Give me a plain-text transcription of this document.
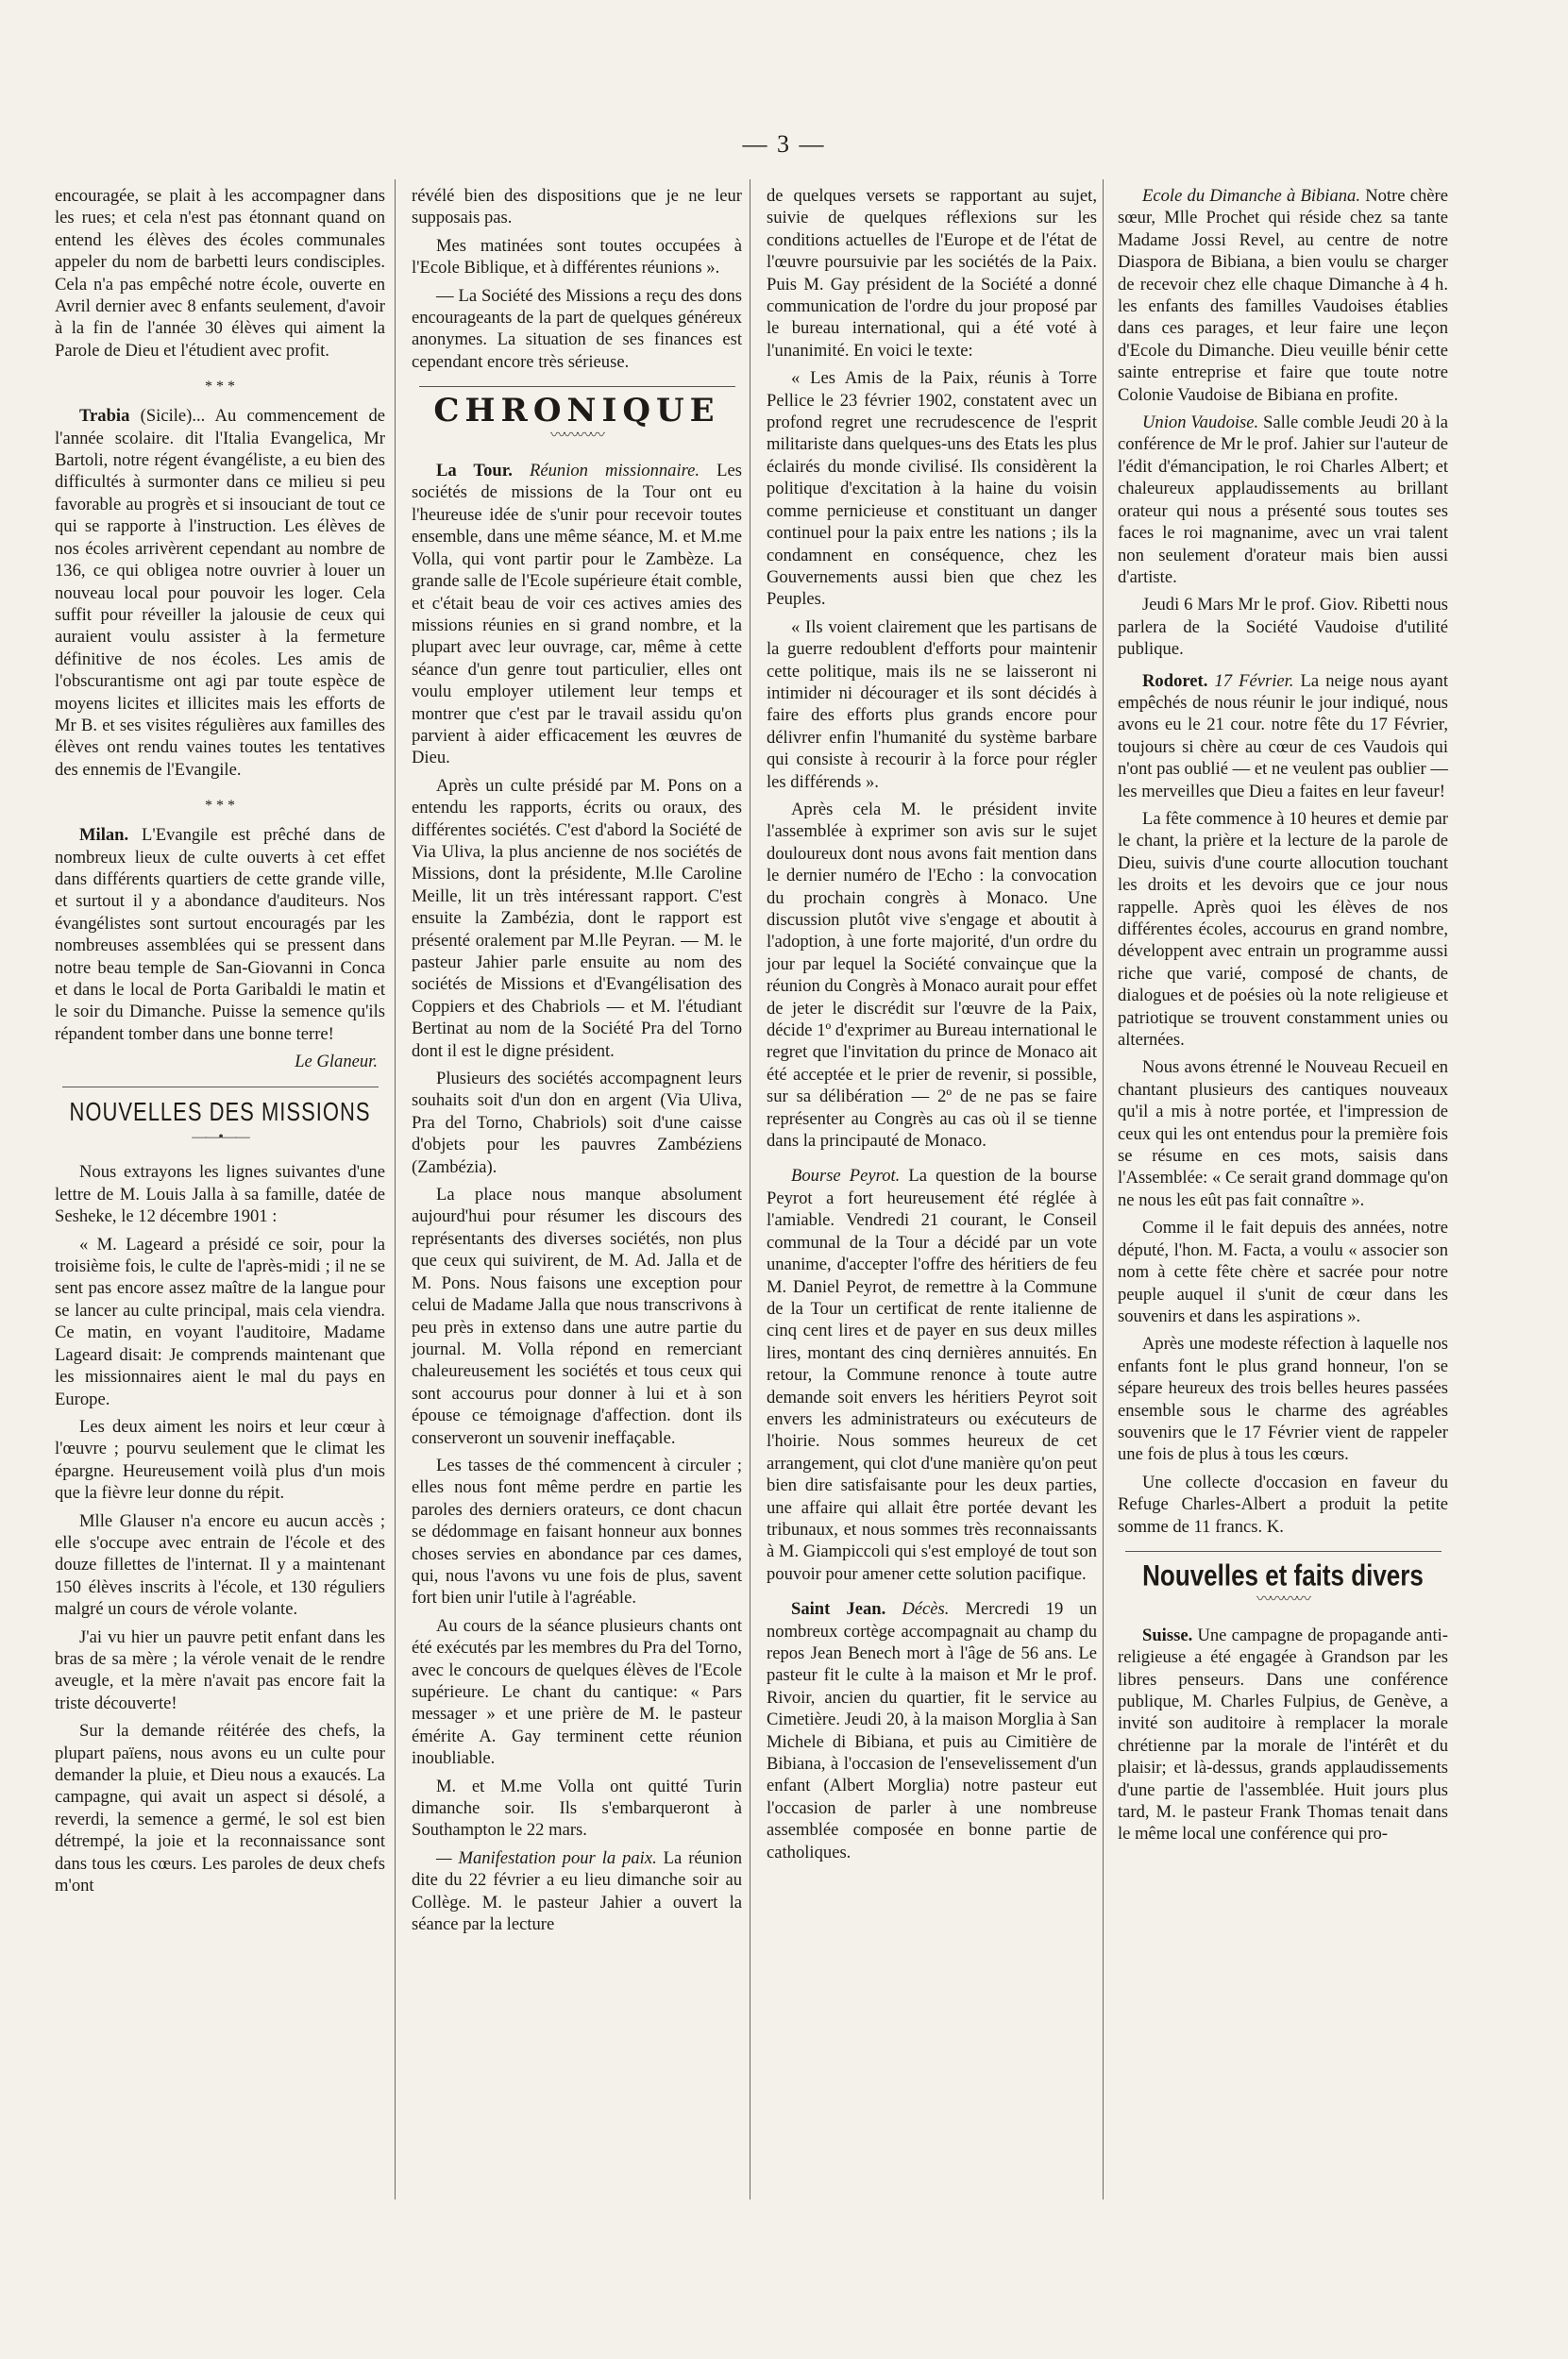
— 3 —

encouragée, se plait à les accompagner dans les rues; et cela n'est pas étonnant quand on entend les élèves des écoles communales appeler du nom de barbetti leurs condisciples. Cela n'a pas empêché notre école, ouverte en Avril dernier avec 8 enfants seulement, d'avoir à la fin de l'année 30 élèves qui aiment la Parole de Dieu et l'étudient avec profit.

* * *

Trabia (Sicile)... Au commencement de l'année scolaire. dit l'Italia Evangelica, Mr Bartoli, notre régent évangéliste, a eu bien des difficultés à surmonter dans ce milieu si peu favorable au progrès et si insouciant de tout ce qui se rapporte à l'instruction. Les élèves de nos écoles arrivèrent cependant au nombre de 136, ce qui obligea notre ouvrier à louer un nouveau local pour pouvoir les loger. Cela suffit pour réveiller la jalousie de ceux qui auraient voulu assister à la fermeture définitive de nos écoles. Les amis de l'obscurantisme ont agi par toute espèce de moyens licites et illicites mais les efforts de Mr B. et ses visites régulières aux familles des élèves ont rendu vaines toutes les tentatives des ennemis de l'Evangile.

* * *

Milan. L'Evangile est prêché dans de nombreux lieux de culte ouverts à cet effet dans différents quartiers de cette grande ville, et surtout il y a abondance d'auditeurs. Nos évangélistes sont surtout encouragés par les nombreuses assemblées qui se pressent dans notre beau temple de San-Giovanni in Conca et dans le local de Porta Garibaldi le matin et le soir du Dimanche. Puisse la semence qu'ils répandent tomber dans une bonne terre!

Le Glaneur.
NOUVELLES DES MISSIONS
——•——

Nous extrayons les lignes suivantes d'une lettre de M. Louis Jalla à sa famille, datée de Sesheke, le 12 décembre 1901 :

« M. Lageard a présidé ce soir, pour la troisième fois, le culte de l'après-midi ; il ne se sent pas encore assez maître de la langue pour se lancer au culte principal, mais cela viendra. Ce matin, en voyant l'auditoire, Madame Lageard disait: Je comprends maintenant que les missionnaires aient le mal du pays en Europe.

Les deux aiment les noirs et leur cœur à l'œuvre ; pourvu seulement que le climat les épargne. Heureusement voilà plus d'un mois que la fièvre leur donne du répit.

Mlle Glauser n'a encore eu aucun accès ; elle s'occupe avec entrain de l'école et des douze fillettes de l'internat. Il y a maintenant 150 élèves inscrits à l'école, et 130 réguliers malgré un cours de vérole volante.

J'ai vu hier un pauvre petit enfant dans les bras de sa mère ; la vérole venait de le rendre aveugle, et la mère n'avait pas encore fait la triste découverte!

Sur la demande réitérée des chefs, la plupart païens, nous avons eu un culte pour demander la pluie, et Dieu nous a exaucés. La campagne, qui avait un aspect si désolé, a reverdi, la semence a germé, le sol est bien détrempé, la joie et la reconnaissance sont dans tous les cœurs. Les paroles de deux chefs m'ont

révélé bien des dispositions que je ne leur supposais pas.

Mes matinées sont toutes occupées à l'Ecole Biblique, et à différentes réunions ».

— La Société des Missions a reçu des dons encourageants de la part de quelques généreux anonymes. La situation de ses finances est cependant encore très sérieuse.

CHRONIQUE
〰〰〰〰

La Tour. Réunion missionnaire. Les sociétés de missions de la Tour ont eu l'heureuse idée de s'unir pour recevoir toutes ensemble, dans une même séance, M. et M.me Volla, qui vont partir pour le Zambèze. La grande salle de l'Ecole supérieure était comble, et c'était beau de voir ces actives amies des missions réunies en si grand nombre, et la plupart avec leur ouvrage, car, même à cette séance d'un genre tout particulier, elles ont voulu employer utilement leur temps et montrer que c'est par le travail assidu qu'on parvient à aider efficacement les œuvres de Dieu.

Après un culte présidé par M. Pons on a entendu les rapports, écrits ou oraux, des différentes sociétés. C'est d'abord la Société de Via Uliva, la plus ancienne de nos sociétés de Missions, dont la présidente, M.lle Caroline Meille, lit un très intéressant rapport. C'est ensuite la Zambézia, dont le rapport est présenté oralement par M.lle Peyran. — M. le pasteur Jahier parle ensuite au nom des sociétés de Missions et d'Evangélisation des Coppiers et des Chabriols — et M. l'étudiant Bertinat au nom de la Société Pra del Torno dont il est le digne président.

Plusieurs des sociétés accompagnent leurs souhaits soit d'un don en argent (Via Uliva, Pra del Torno, Chabriols) soit d'une caisse d'objets pour les pauvres Zambéziens (Zambézia).

La place nous manque absolument aujourd'hui pour résumer les discours des représentants des diverses sociétés, non plus que ceux qui suivirent, de M. Ad. Jalla et de M. Pons. Nous faisons une exception pour celui de Madame Jalla que nous transcrivons à peu près in extenso dans une autre partie du journal. M. Volla répond en remerciant chaleureusement les sociétés et tous ceux qui sont accourus pour donner à lui et à son épouse ce témoignage d'affection. dont ils conserveront un souvenir ineffaçable.

Les tasses de thé commencent à circuler ; elles nous font même perdre en partie les paroles des derniers orateurs, ce dont chacun se dédommage en faisant honneur aux bonnes choses servies en abondance par ces dames, qui, nous l'avons vu une fois de plus, savent fort bien unir l'utile à l'agréable.

Au cours de la séance plusieurs chants ont été exécutés par les membres du Pra del Torno, avec le concours de quelques élèves de l'Ecole supérieure. Le chant du cantique: « Pars messager » et une prière de M. le pasteur émérite A. Gay terminent cette réunion inoubliable.

M. et M.me Volla ont quitté Turin dimanche soir. Ils s'embarqueront à Southampton le 22 mars.

— Manifestation pour la paix. La réunion dite du 22 février a eu lieu dimanche soir au Collège. M. le pasteur Jahier a ouvert la séance par la lecture

de quelques versets se rapportant au sujet, suivie de quelques réflexions sur les conditions actuelles de l'Europe et de l'état de l'œuvre poursuivie par les sociétés de la Paix. Puis M. Gay président de la Société a donné communication de l'ordre du jour proposé par le bureau international, qui a été voté à l'unanimité. En voici le texte:

« Les Amis de la Paix, réunis à Torre Pellice le 23 février 1902, constatent avec un profond regret une recrudescence de l'esprit militariste dans quelques-uns des Etats les plus éclairés du monde civilisé. Ils considèrent la politique d'excitation à la haine du voisin comme pernicieuse et constituant un danger continuel pour la paix entre les nations ; ils la condamnent en conséquence, chez les Gouvernements aussi bien que chez les Peuples.

« Ils voient clairement que les partisans de la guerre redoublent d'efforts pour maintenir cette politique, mais ils ne se laisseront ni intimider ni décourager et ils sont décidés à faire des efforts plus grands encore pour délivrer enfin l'humanité du système barbare qui consiste à recourir à la force pour régler les différends ».

Après cela M. le président invite l'assemblée à exprimer son avis sur le sujet douloureux dont nous avons fait mention dans le dernier numéro de l'Echo : la convocation du prochain congrès à Monaco. Une discussion plutôt vive s'engage et aboutit à l'adoption, à une forte majorité, d'un ordre du jour par lequel la Société convainçue que la réunion du Congrès à Monaco aurait pour effet de jeter le discrédit sur l'œuvre de la Paix, décide 1º d'exprimer au Bureau international le regret que l'invitation du prince de Monaco ait été acceptée et le prier de revenir, si possible, sur sa délibération — 2º de ne pas se faire représenter au Congrès au cas où il se tienne dans la principauté de Monaco.

Bourse Peyrot. La question de la bourse Peyrot a fort heureusement été réglée à l'amiable. Vendredi 21 courant, le Conseil communal de la Tour a décidé par un vote unanime, d'accepter l'offre des héritiers de feu M. Daniel Peyrot, de remettre à la Commune de la Tour un certificat de rente italienne de cinq cent lires et de payer en sus deux milles lires, montant des cinq dernières annuités. En retour, la Commune renonce à toute autre demande soit envers les héritiers Peyrot soit envers les administrateurs ou exécuteurs de l'hoirie. Nous sommes heureux de cet arrangement, qui clot d'une manière qu'on peut bien dire satisfaisante pour les deux parties, une affaire qui allait être portée devant les tribunaux, et nous sommes très reconnaissants à M. Giampiccoli qui s'est employé de tout son pouvoir pour amener cette solution pacifique.

Saint Jean. Décès. Mercredi 19 un nombreux cortège accompagnait au champ du repos Jean Benech mort à l'âge de 56 ans. Le pasteur fit le culte à la maison et Mr le prof. Rivoir, ancien du quartier, fit le service au Cimetière. Jeudi 20, à la maison Morglia à San Michele di Bibiana, et puis au Cimitière de Bibiana, à l'occasion de l'ensevelissement d'un enfant (Albert Morglia) notre pasteur eut l'occasion de parler à une nombreuse assemblée composée en bonne partie de catholiques.

Ecole du Dimanche à Bibiana. Notre chère sœur, Mlle Prochet qui réside chez sa tante Madame Jossi Revel, au centre de notre Diaspora de Bibiana, a bien voulu se charger de recevoir chez elle chaque Dimanche à 4 h. les enfants des familles Vaudoises établies dans ces parages, et leur faire une leçon d'Ecole du Dimanche. Dieu veuille bénir cette sainte entreprise et faire que toute notre Colonie Vaudoise de Bibiana en profite.

Union Vaudoise. Salle comble Jeudi 20 à la conférence de Mr le prof. Jahier sur l'auteur de l'édit d'émancipation, le roi Charles Albert; et chaleureux applaudissements au brillant orateur qui nous a présenté sous toutes ses faces le roi magnanime, avec un vrai talent non seulement d'orateur mais bien aussi d'artiste.

Jeudi 6 Mars Mr le prof. Giov. Ribetti nous parlera de la Société Vaudoise d'utilité publique.

Rodoret. 17 Février. La neige nous ayant empêchés de nous réunir le jour indiqué, nous avons eu le 21 cour. notre fête du 17 Février, toujours si chère au cœur de ces Vaudois qui n'ont pas oublié — et ne veulent pas oublier — les merveilles que Dieu a faites en leur faveur!

La fête commence à 10 heures et demie par le chant, la prière et la lecture de la parole de Dieu, suivis d'une courte allocution touchant les droits et les devoirs que ce jour nous rappelle. Après quoi les élèves de nos différentes écoles, accourus en grand nombre, développent avec entrain un programme aussi riche que varié, composé de chants, de dialogues et de poésies où la note religieuse et patriotique se trouvent constamment unies ou alternées.

Nous avons étrenné le Nouveau Recueil en chantant plusieurs des cantiques nouveaux qu'il a mis à notre portée, et l'impression de ceux qui les ont entendus pour la première fois se résume en ces mots, saisis dans l'Assemblée: « Ce serait grand dommage qu'on ne nous les eût pas fait connaître ».

Comme il le fait depuis des années, notre député, l'hon. M. Facta, a voulu « associer son nom à cette fête chère et sacrée pour notre peuple auquel il s'unit de cœur dans les souvenirs et dans les aspirations ».

Après une modeste réfection à laquelle nos enfants font le plus grand honneur, l'on se sépare heureux des trois belles heures passées ensemble sous le charme des agréables souvenirs que le 17 Février vient de rappeler une fois de plus à tous les cœurs.

Une collecte d'occasion en faveur du Refuge Charles-Albert a produit la petite somme de 11 francs. K.

Nouvelles et faits divers
〰〰〰〰

Suisse. Une campagne de propagande anti-religieuse a été engagée à Grandson par les libres penseurs. Dans une conférence publique, M. Charles Fulpius, de Genève, a invité son auditoire à remplacer la morale chrétienne par la morale de l'intérêt et du plaisir; et là-dessus, grands applaudissements d'une partie de l'assemblée. Huit jours plus tard, M. le pasteur Frank Thomas tenait dans le même local une conférence qui pro-
